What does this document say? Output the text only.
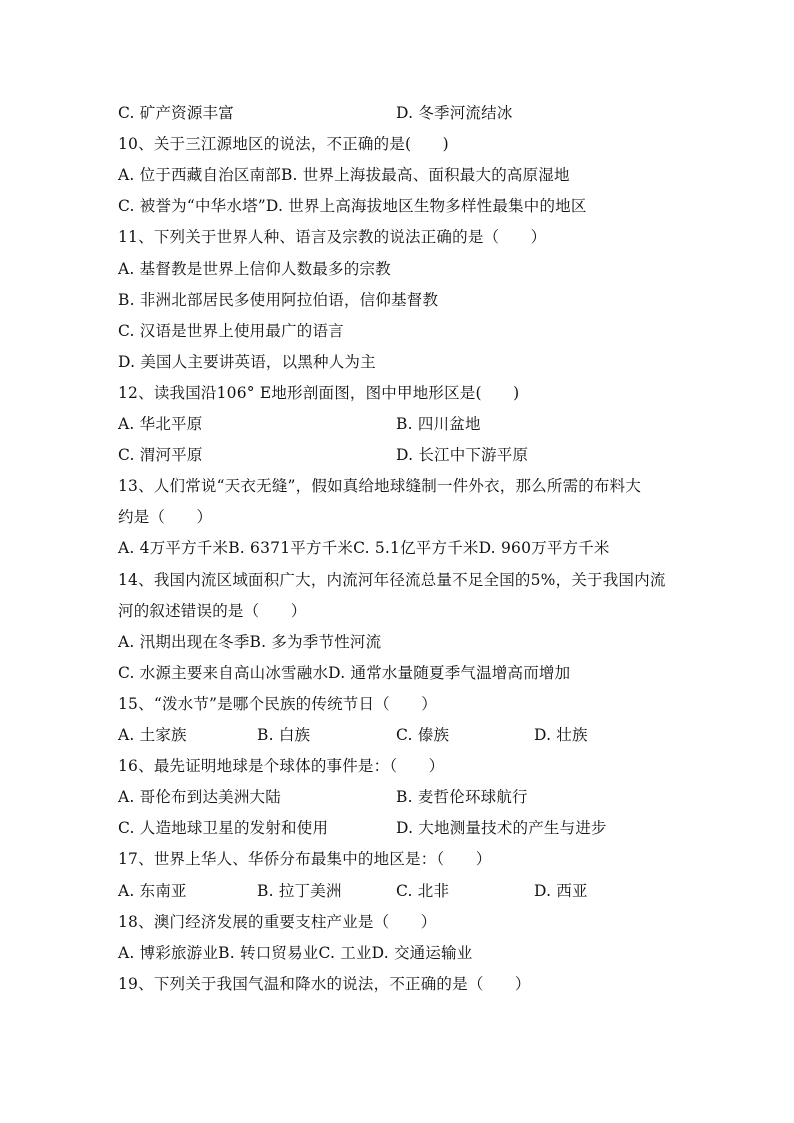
C. 矿产资源丰富	D. 冬季河流结冰
10、关于三江源地区的说法，不正确的是(　　)
A. 位于西藏自治区南部B. 世界上海拔最高、面积最大的高原湿地
C. 被誉为“中华水塔”D. 世界上高海拔地区生物多样性最集中的地区
11、下列关于世界人种、语言及宗教的说法正确的是（　　）
A. 基督教是世界上信仰人数最多的宗教
B. 非洲北部居民多使用阿拉伯语，信仰基督教
C. 汉语是世界上使用最广的语言
D. 美国人主要讲英语，以黑种人为主
12、读我国沿106° E地形剖面图，图中甲地形区是(　　)
A. 华北平原	B. 四川盆地
C. 渭河平原	D. 长江中下游平原
13、人们常说“天衣无缝”，假如真给地球缝制一件外衣，那么所需的布料大
约是（　　）
A. 4万平方千米B. 6371平方千米C. 5.1亿平方千米D. 960万平方千米
14、我国内流区域面积广大，内流河年径流总量不足全国的5%，关于我国内流
河的叙述错误的是（　　）
A. 汛期出现在冬季B. 多为季节性河流
C. 水源主要来自高山冰雪融水D. 通常水量随夏季气温增高而增加
15、“泼水节”是哪个民族的传统节日（　　）
A. 土家族	B. 白族	C. 傣族	D. 壮族
16、最先证明地球是个球体的事件是：（　　）
A. 哥伦布到达美洲大陆	B. 麦哲伦环球航行
C. 人造地球卫星的发射和使用	D. 大地测量技术的产生与进步
17、世界上华人、华侨分布最集中的地区是：（　　）
A. 东南亚	B. 拉丁美洲	C. 北非	D. 西亚
18、澳门经济发展的重要支柱产业是（　　）
A. 博彩旅游业B. 转口贸易业C. 工业D. 交通运输业
19、下列关于我国气温和降水的说法，不正确的是（　　）
